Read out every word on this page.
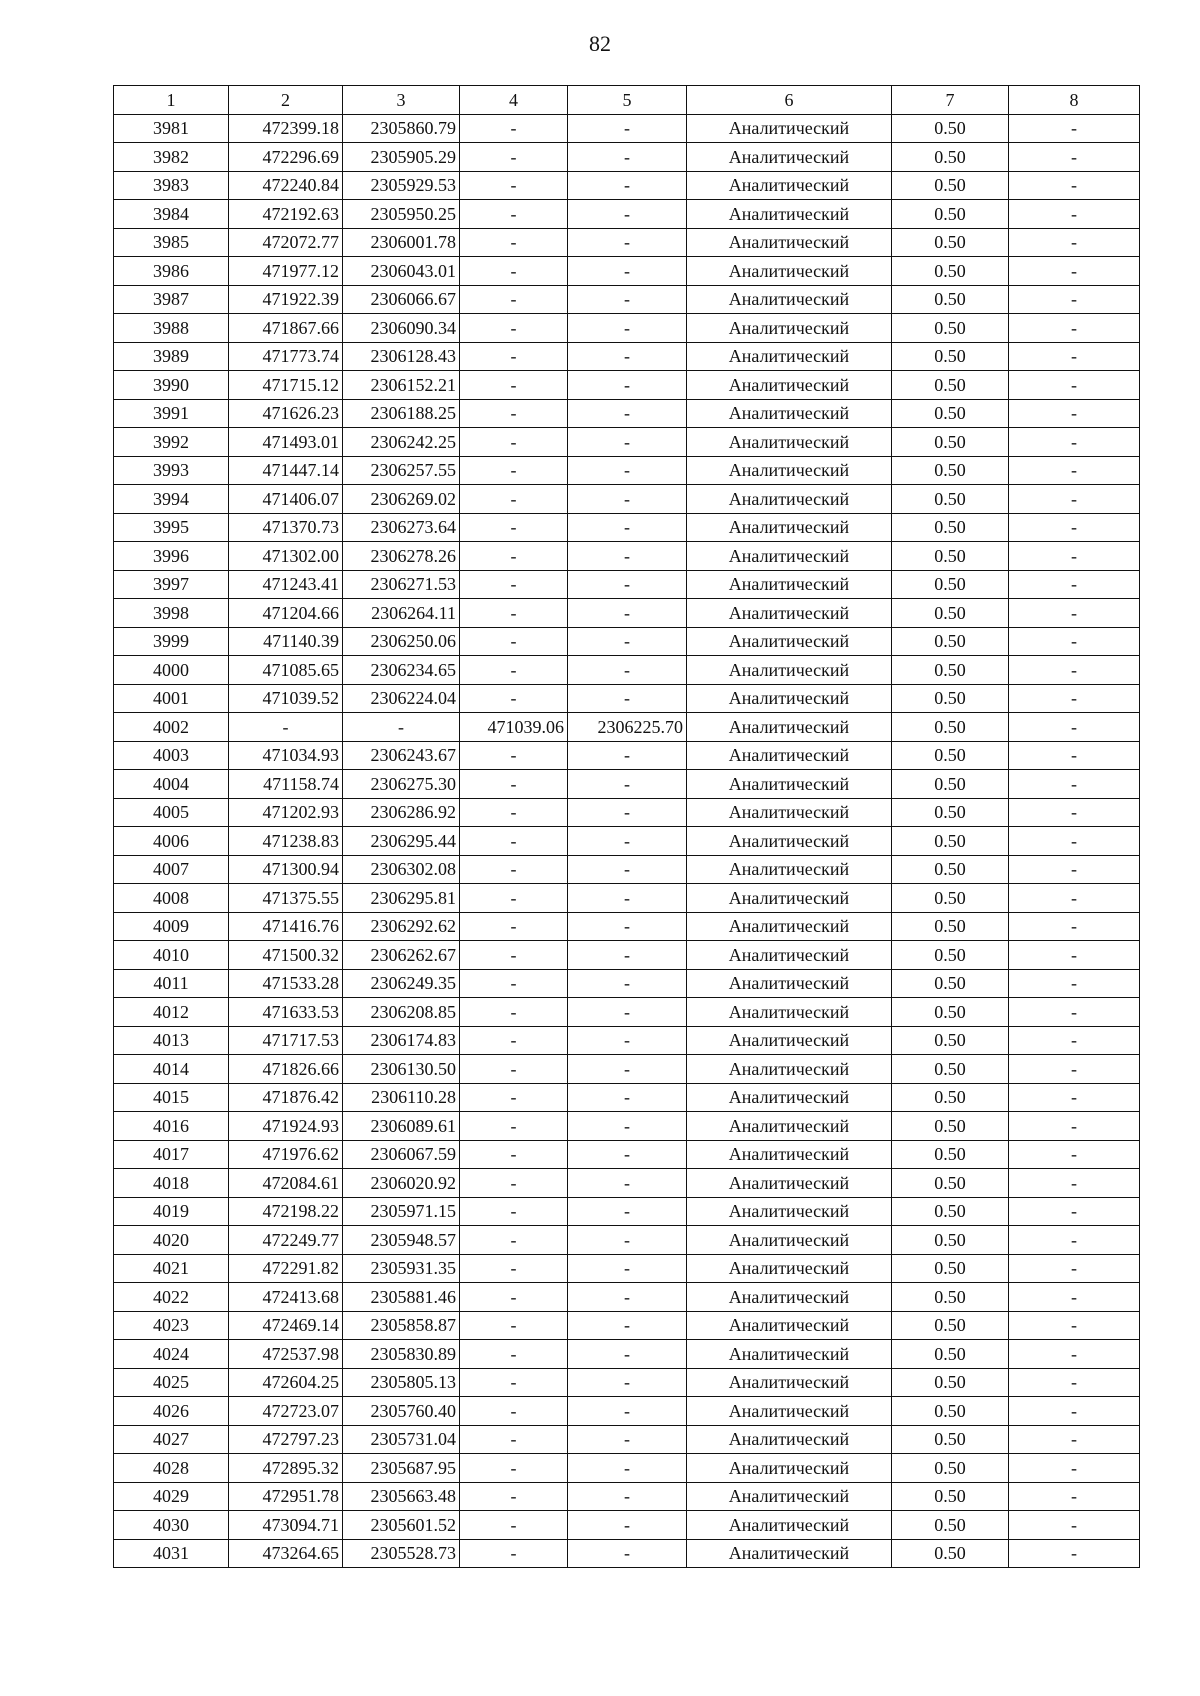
82
1	2	3	4	5	6	7	8
3981	472399.18	2305860.79	-	-	Аналитический	0.50	-
3982	472296.69	2305905.29	-	-	Аналитический	0.50	-
3983	472240.84	2305929.53	-	-	Аналитический	0.50	-
3984	472192.63	2305950.25	-	-	Аналитический	0.50	-
3985	472072.77	2306001.78	-	-	Аналитический	0.50	-
3986	471977.12	2306043.01	-	-	Аналитический	0.50	-
3987	471922.39	2306066.67	-	-	Аналитический	0.50	-
3988	471867.66	2306090.34	-	-	Аналитический	0.50	-
3989	471773.74	2306128.43	-	-	Аналитический	0.50	-
3990	471715.12	2306152.21	-	-	Аналитический	0.50	-
3991	471626.23	2306188.25	-	-	Аналитический	0.50	-
3992	471493.01	2306242.25	-	-	Аналитический	0.50	-
3993	471447.14	2306257.55	-	-	Аналитический	0.50	-
3994	471406.07	2306269.02	-	-	Аналитический	0.50	-
3995	471370.73	2306273.64	-	-	Аналитический	0.50	-
3996	471302.00	2306278.26	-	-	Аналитический	0.50	-
3997	471243.41	2306271.53	-	-	Аналитический	0.50	-
3998	471204.66	2306264.11	-	-	Аналитический	0.50	-
3999	471140.39	2306250.06	-	-	Аналитический	0.50	-
4000	471085.65	2306234.65	-	-	Аналитический	0.50	-
4001	471039.52	2306224.04	-	-	Аналитический	0.50	-
4002	-	-	471039.06	2306225.70	Аналитический	0.50	-
4003	471034.93	2306243.67	-	-	Аналитический	0.50	-
4004	471158.74	2306275.30	-	-	Аналитический	0.50	-
4005	471202.93	2306286.92	-	-	Аналитический	0.50	-
4006	471238.83	2306295.44	-	-	Аналитический	0.50	-
4007	471300.94	2306302.08	-	-	Аналитический	0.50	-
4008	471375.55	2306295.81	-	-	Аналитический	0.50	-
4009	471416.76	2306292.62	-	-	Аналитический	0.50	-
4010	471500.32	2306262.67	-	-	Аналитический	0.50	-
4011	471533.28	2306249.35	-	-	Аналитический	0.50	-
4012	471633.53	2306208.85	-	-	Аналитический	0.50	-
4013	471717.53	2306174.83	-	-	Аналитический	0.50	-
4014	471826.66	2306130.50	-	-	Аналитический	0.50	-
4015	471876.42	2306110.28	-	-	Аналитический	0.50	-
4016	471924.93	2306089.61	-	-	Аналитический	0.50	-
4017	471976.62	2306067.59	-	-	Аналитический	0.50	-
4018	472084.61	2306020.92	-	-	Аналитический	0.50	-
4019	472198.22	2305971.15	-	-	Аналитический	0.50	-
4020	472249.77	2305948.57	-	-	Аналитический	0.50	-
4021	472291.82	2305931.35	-	-	Аналитический	0.50	-
4022	472413.68	2305881.46	-	-	Аналитический	0.50	-
4023	472469.14	2305858.87	-	-	Аналитический	0.50	-
4024	472537.98	2305830.89	-	-	Аналитический	0.50	-
4025	472604.25	2305805.13	-	-	Аналитический	0.50	-
4026	472723.07	2305760.40	-	-	Аналитический	0.50	-
4027	472797.23	2305731.04	-	-	Аналитический	0.50	-
4028	472895.32	2305687.95	-	-	Аналитический	0.50	-
4029	472951.78	2305663.48	-	-	Аналитический	0.50	-
4030	473094.71	2305601.52	-	-	Аналитический	0.50	-
4031	473264.65	2305528.73	-	-	Аналитический	0.50	-
